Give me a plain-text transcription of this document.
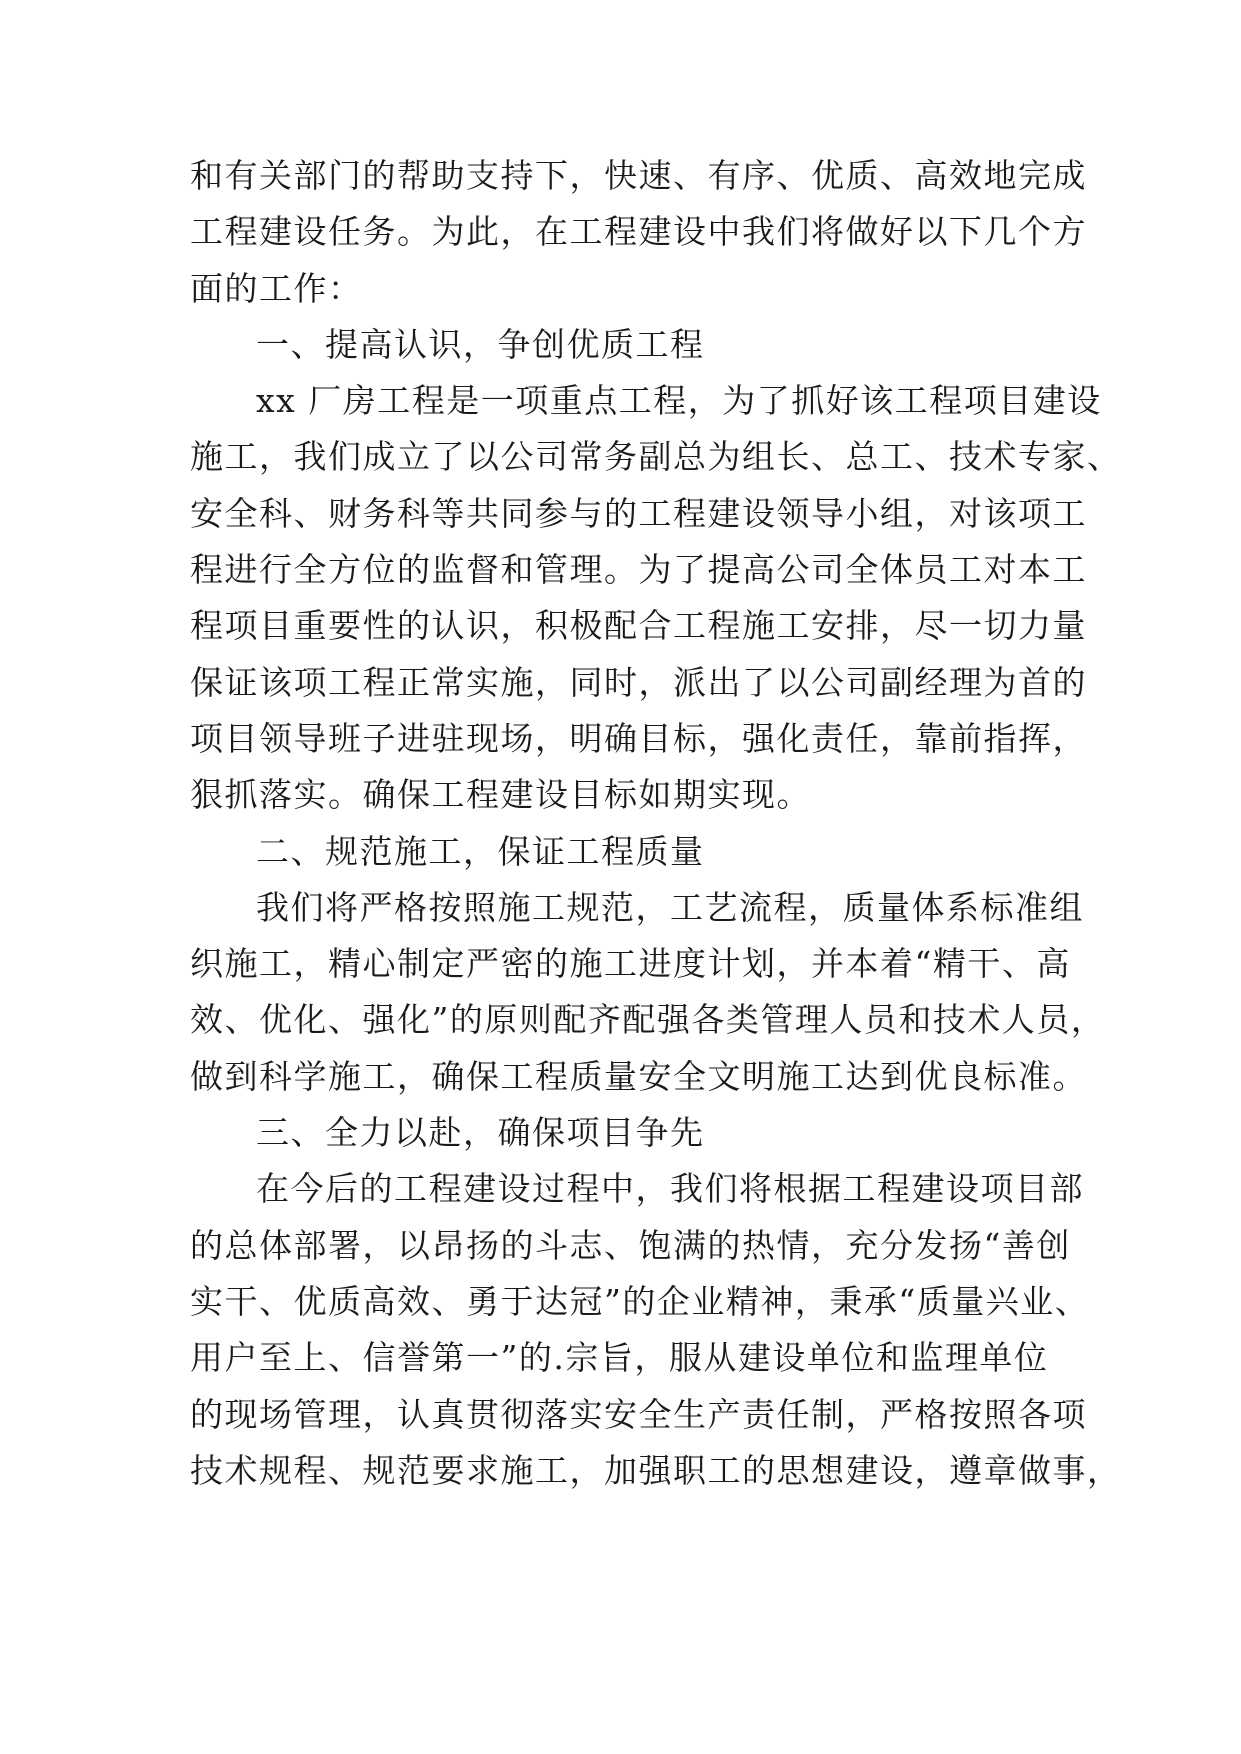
和有关部门的帮助支持下，快速、有序、优质、高效地完成
工程建设任务。为此，在工程建设中我们将做好以下几个方
面的工作：
一、提高认识，争创优质工程
xx 厂房工程是一项重点工程，为了抓好该工程项目建设
施工，我们成立了以公司常务副总为组长、总工、技术专家、
安全科、财务科等共同参与的工程建设领导小组，对该项工
程进行全方位的监督和管理。为了提高公司全体员工对本工
程项目重要性的认识，积极配合工程施工安排，尽一切力量
保证该项工程正常实施，同时，派出了以公司副经理为首的
项目领导班子进驻现场，明确目标，强化责任，靠前指挥，
狠抓落实。确保工程建设目标如期实现。
二、规范施工，保证工程质量
我们将严格按照施工规范，工艺流程，质量体系标准组
织施工，精心制定严密的施工进度计划，并本着“精干、高
效、优化、强化”的原则配齐配强各类管理人员和技术人员，
做到科学施工，确保工程质量安全文明施工达到优良标准。
三、全力以赴，确保项目争先
在今后的工程建设过程中，我们将根据工程建设项目部
的总体部署，以昂扬的斗志、饱满的热情，充分发扬“善创
实干、优质高效、勇于达冠”的企业精神，秉承“质量兴业、
用户至上、信誉第一”的.宗旨，服从建设单位和监理单位
的现场管理，认真贯彻落实安全生产责任制，严格按照各项
技术规程、规范要求施工，加强职工的思想建设，遵章做事，
